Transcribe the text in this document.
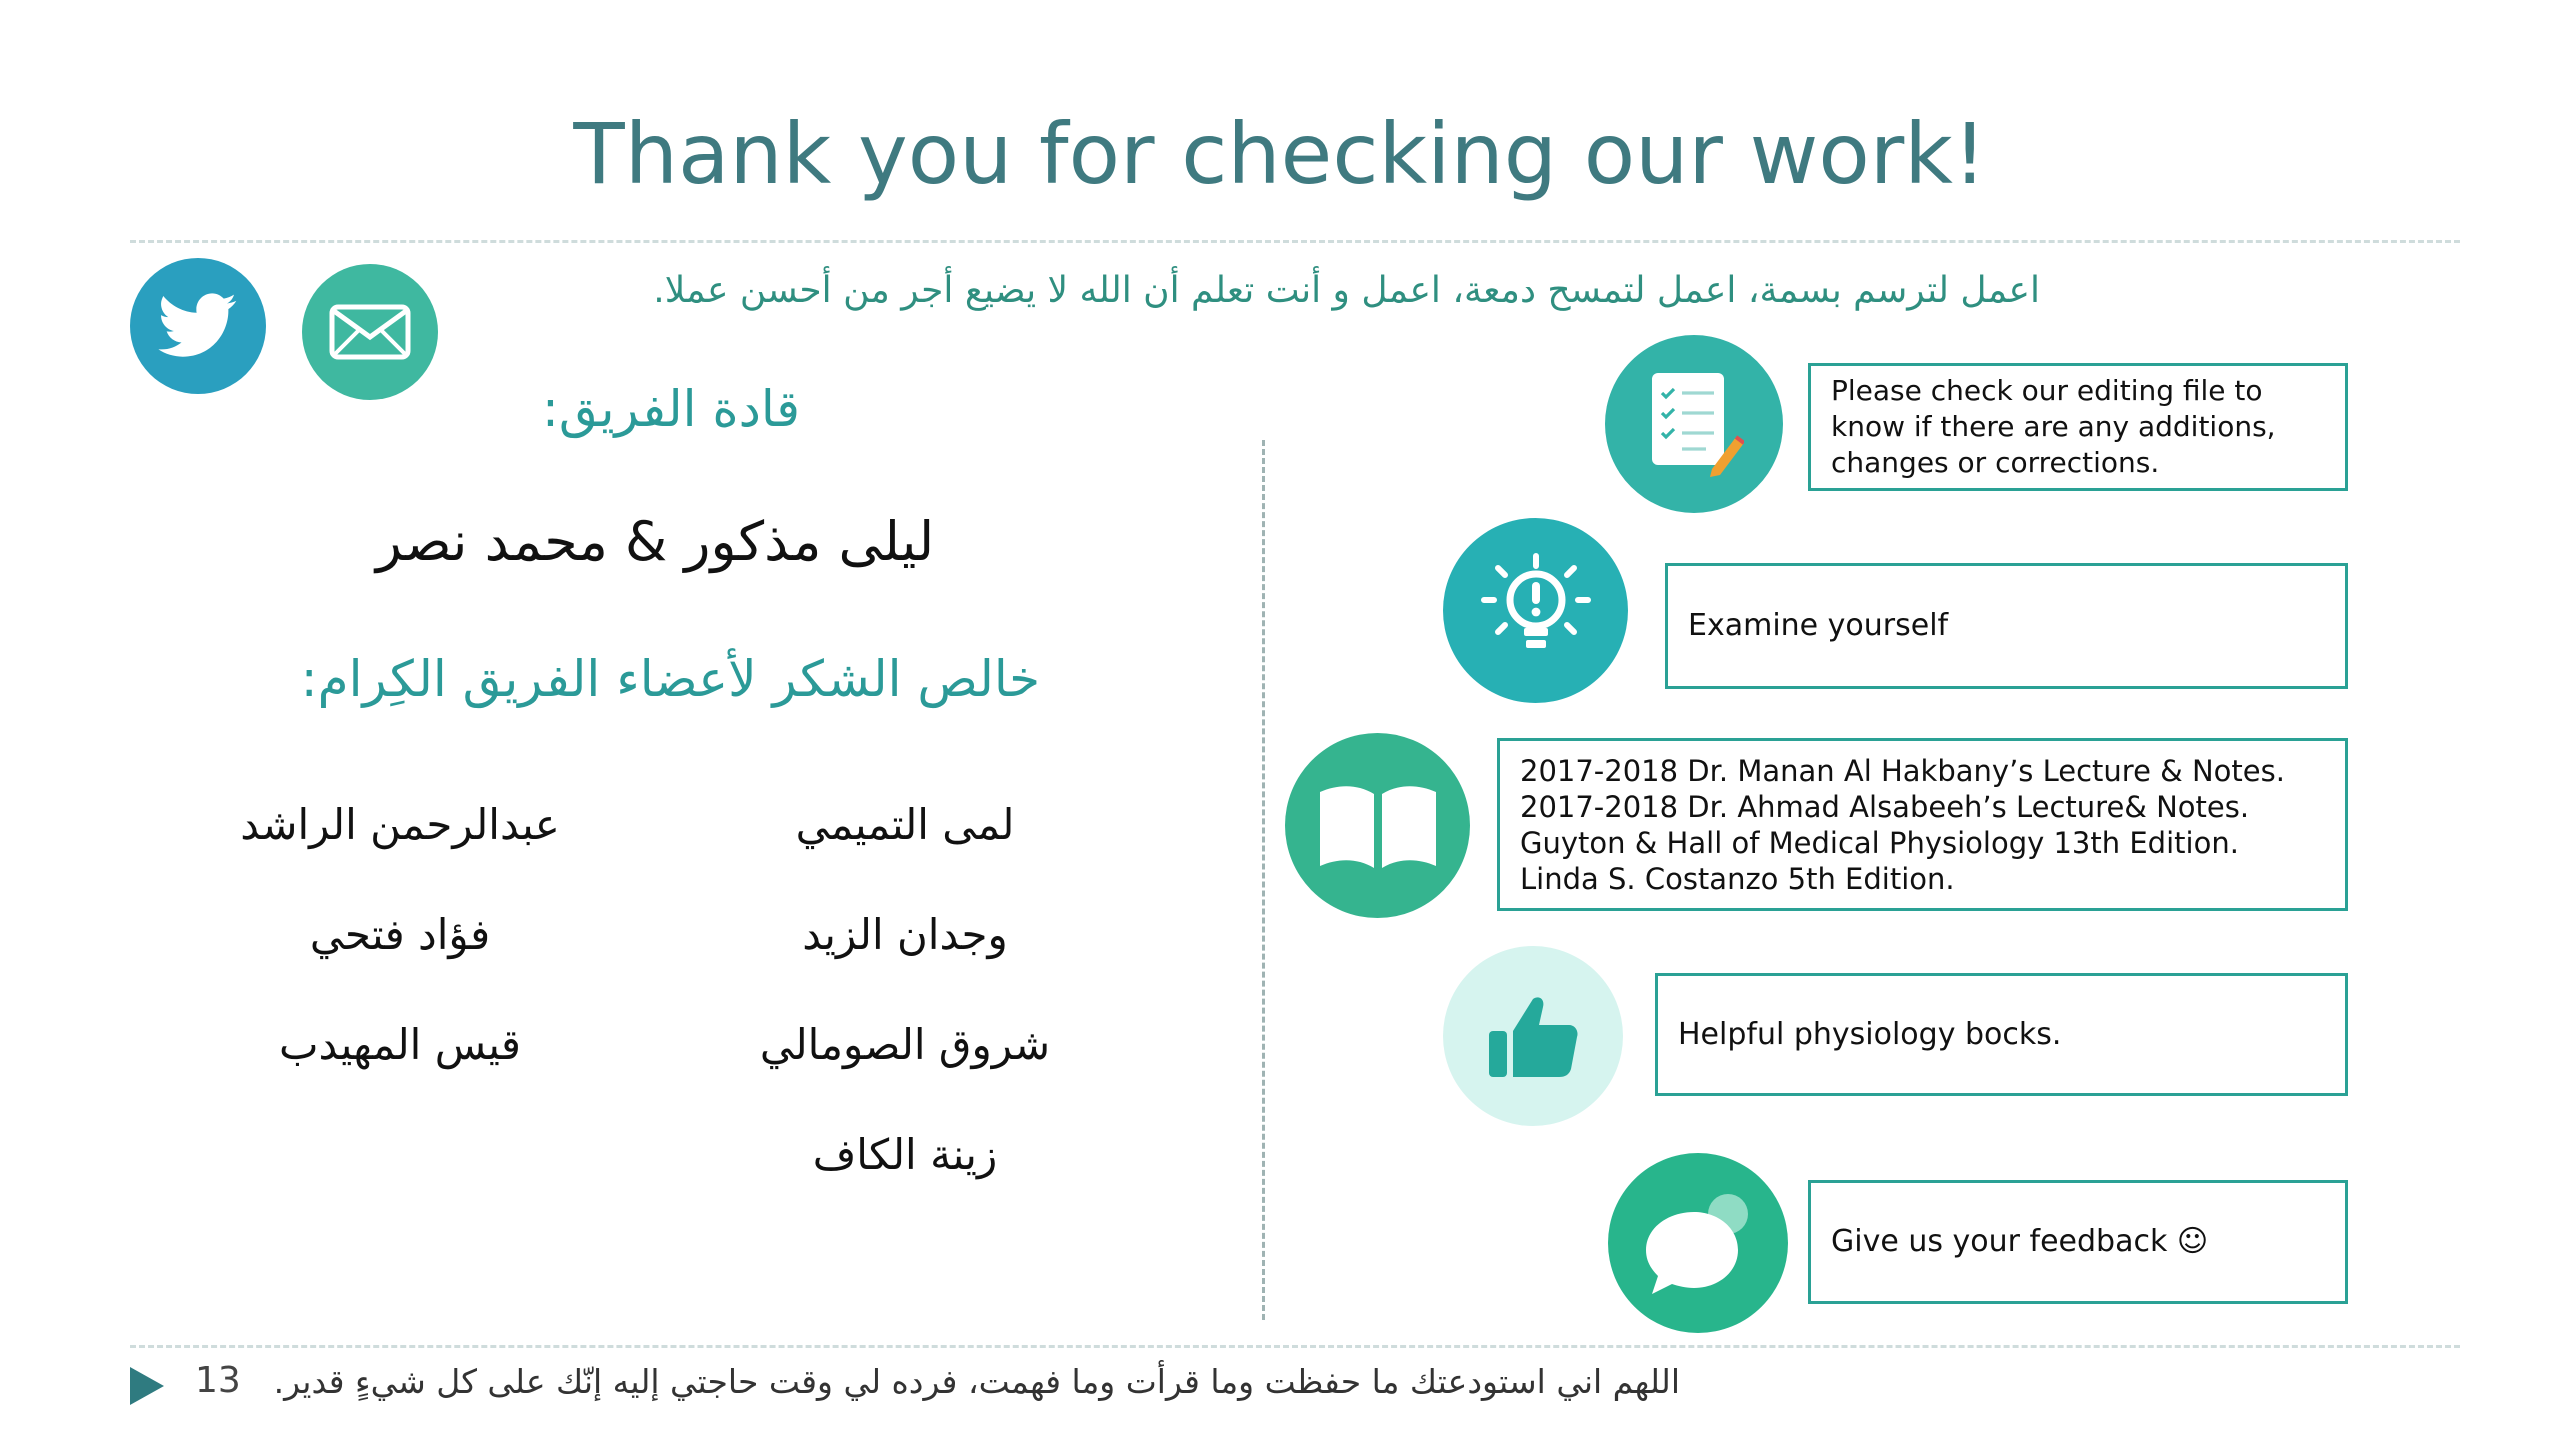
Thank you for checking our work!
اعمل لترسم بسمة، اعمل لتمسح دمعة، اعمل و أنت تعلم أن الله لا يضيع أجر من أحسن عملا.
قادة الفريق:
ليلى مذكور & محمد نصر
خالص الشكر لأعضاء الفريق الكِرام:
لمى التميمي
وجدان الزيد
شروق الصومالي
زينة الكاف
عبدالرحمن الراشد
فؤاد فتحي
قيس المهيدب
Please check our editing file to
know if there are any additions,
changes or corrections.
Examine yourself
2017-2018 Dr. Manan Al Hakbany’s Lecture & Notes.
2017-2018 Dr. Ahmad Alsabeeh’s Lecture& Notes.
Guyton & Hall of Medical Physiology 13th Edition.
Linda S. Costanzo 5th Edition.
Helpful physiology bocks.
Give us your feedback ☺
13 اللهم اني استودعتك ما حفظت وما قرأت وما فهمت، فرده لي وقت حاجتي إليه إنّك على كل شيءٍ قدير.
